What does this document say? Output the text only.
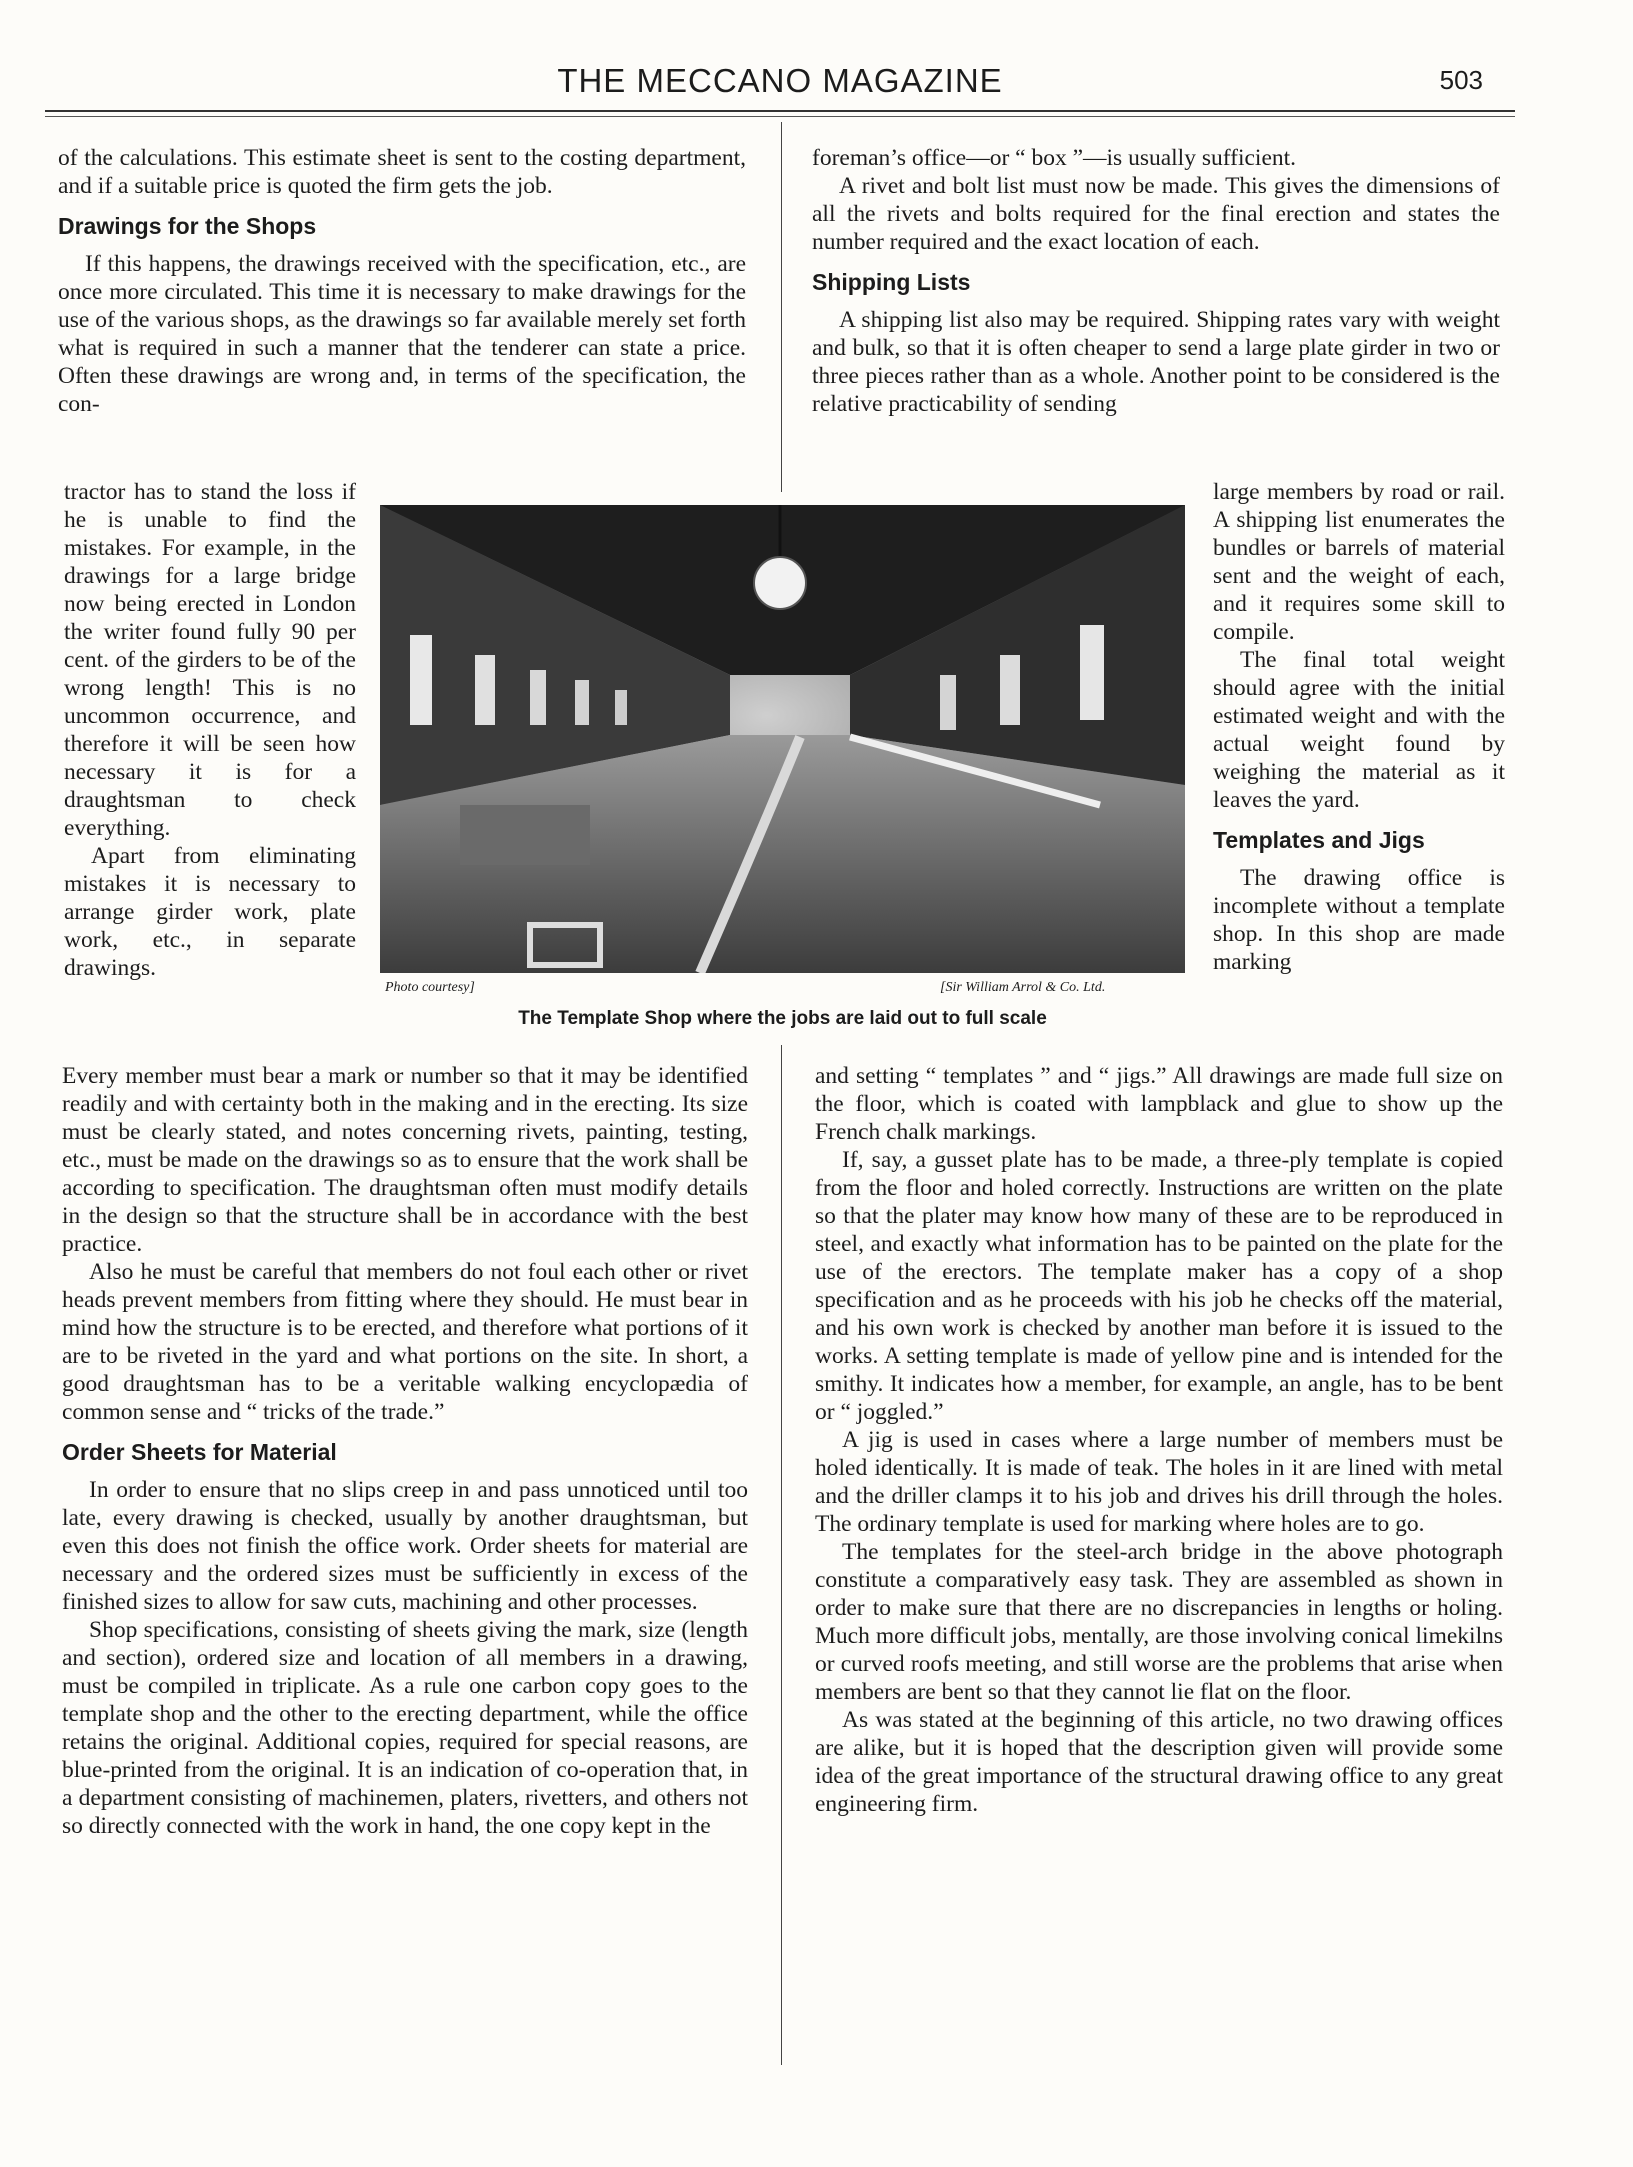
THE MECCANO MAGAZINE	503

of the calculations. This estimate sheet is sent to the costing department, and if a suitable price is quoted the firm gets the job.

Drawings for the Shops

If this happens, the drawings received with the specification, etc., are once more circulated. This time it is necessary to make drawings for the use of the various shops, as the drawings so far available merely set forth what is required in such a manner that the tenderer can state a price. Often these drawings are wrong and, in terms of the specification, the con-

tractor has to stand the loss if he is unable to find the mistakes. For example, in the drawings for a large bridge now being erected in London the writer found fully 90 per cent. of the girders to be of the wrong length! This is no uncommon occurrence, and therefore it will be seen how necessary it is for a draughtsman to check everything.

Apart from eliminating mistakes it is necessary to arrange girder work, plate work, etc., in separate drawings.

Every member must bear a mark or number so that it may be identified readily and with certainty both in the making and in the erecting. Its size must be clearly stated, and notes concerning rivets, painting, testing, etc., must be made on the drawings so as to ensure that the work shall be according to specification. The draughtsman often must modify details in the design so that the structure shall be in accordance with the best practice.

Also he must be careful that members do not foul each other or rivet heads prevent members from fitting where they should. He must bear in mind how the structure is to be erected, and therefore what portions of it are to be riveted in the yard and what portions on the site. In short, a good draughtsman has to be a veritable walking encyclopædia of common sense and “ tricks of the trade.”

Order Sheets for Material

In order to ensure that no slips creep in and pass unnoticed until too late, every drawing is checked, usually by another draughtsman, but even this does not finish the office work. Order sheets for material are necessary and the ordered sizes must be sufficiently in excess of the finished sizes to allow for saw cuts, machining and other processes.

Shop specifications, consisting of sheets giving the mark, size (length and section), ordered size and location of all members in a drawing, must be compiled in triplicate. As a rule one carbon copy goes to the template shop and the other to the erecting department, while the office retains the original. Additional copies, required for special reasons, are blue-printed from the original. It is an indication of co-operation that, in a department consisting of machinemen, platers, rivetters, and others not so directly connected with the work in hand, the one copy kept in the

foreman’s office—or “ box ”—is usually sufficient.

A rivet and bolt list must now be made. This gives the dimensions of all the rivets and bolts required for the final erection and states the number required and the exact location of each.

Shipping Lists

A shipping list also may be required. Shipping rates vary with weight and bulk, so that it is often cheaper to send a large plate girder in two or three pieces rather than as a whole. Another point to be considered is the relative practicability of sending

large members by road or rail. A shipping list enumerates the bundles or barrels of material sent and the weight of each, and it requires some skill to compile.

The final total weight should agree with the initial estimated weight and with the actual weight found by weighing the material as it leaves the yard.

Templates and Jigs

The drawing office is incomplete without a template shop. In this shop are made marking

and setting “ templates ” and “ jigs.” All drawings are made full size on the floor, which is coated with lampblack and glue to show up the French chalk markings.

If, say, a gusset plate has to be made, a three-ply template is copied from the floor and holed correctly. Instructions are written on the plate so that the plater may know how many of these are to be reproduced in steel, and exactly what information has to be painted on the plate for the use of the erectors. The template maker has a copy of a shop specification and as he proceeds with his job he checks off the material, and his own work is checked by another man before it is issued to the works. A setting template is made of yellow pine and is intended for the smithy. It indicates how a member, for example, an angle, has to be bent or “ joggled.”

A jig is used in cases where a large number of members must be holed identically. It is made of teak. The holes in it are lined with metal and the driller clamps it to his job and drives his drill through the holes. The ordinary template is used for marking where holes are to go.

The templates for the steel-arch bridge in the above photograph constitute a comparatively easy task. They are assembled as shown in order to make sure that there are no discrepancies in lengths or holing. Much more difficult jobs, mentally, are those involving conical limekilns or curved roofs meeting, and still worse are the problems that arise when members are bent so that they cannot lie flat on the floor.

As was stated at the beginning of this article, no two drawing offices are alike, but it is hoped that the description given will provide some idea of the great importance of the structural drawing office to any great engineering firm.

Photo courtesy]	[Sir William Arrol & Co. Ltd.
The Template Shop where the jobs are laid out to full scale
